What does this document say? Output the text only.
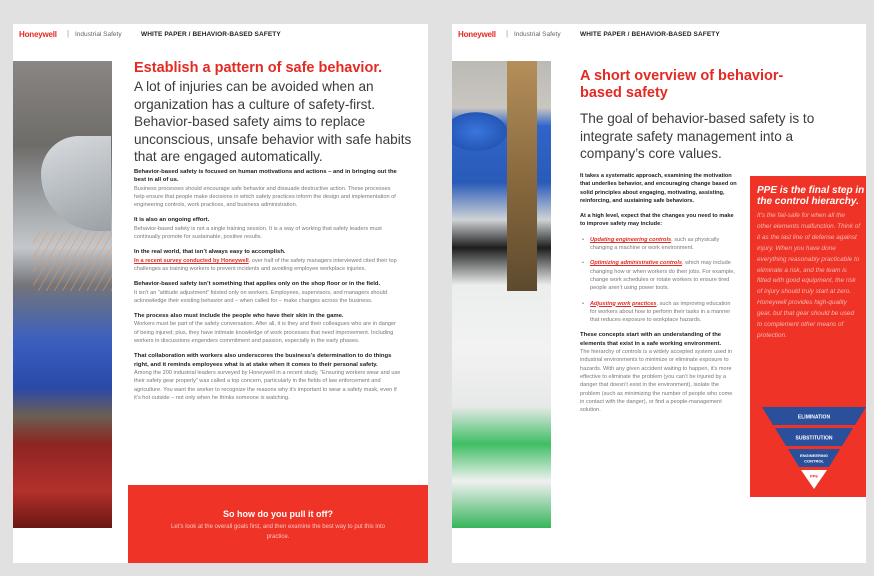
Honeywell | Industrial Safety	WHITE PAPER / BEHAVIOR-BASED SAFETY
Establish a pattern of safe behavior.
A lot of injuries can be avoided when an organization has a culture of safety-first. Behavior-based safety aims to replace unconscious, unsafe behavior with safe habits that are engaged automatically.
Behavior-based safety is focused on human motivations and actions – and in bringing out the best in all of us.
Business processes should encourage safe behavior and dissuade destructive action. These processes help ensure that people make decisions in which safety practices inform the design and implementation of engineering controls, work practices, and business administration.
It is also an ongoing effort.
Behavior-based safety is not a single training session. It is a way of working that safety leaders must continually promote for sustainable, positive results.
In the real world, that isn’t always easy to accomplish.
In a recent survey conducted by Honeywell, over half of the safety managers interviewed cited their top challenges as training workers to prevent incidents and avoiding employee workplace injuries.
Behavior-based safety isn’t something that applies only on the shop floor or in the field.
It isn’t an “attitude adjustment” foisted only on workers. Employees, supervisors, and managers should acknowledge their existing behavior and – when called for – make changes across the business.
The process also must include the people who have their skin in the game.
Workers must be part of the safety conversation. After all, it is they and their colleagues who are in danger of being injured; plus, they have intimate knowledge of work processes that need improvement. Including workers in discussions engenders commitment and passion, especially in the early phases.
That collaboration with workers also underscores the business’s determination to do things right, and it reminds employees what is at stake when it comes to their personal safety.
Among the 200 industrial leaders surveyed by Honeywell in a recent study, “Ensuring workers wear and use their safety gear properly” was called a top concern, particularly in the fields of law enforcement and agriculture. You want the worker to recognize the reasons why it’s important to wear a safety mask, even if it’s hot outside – not only when he thinks someone is watching.
So how do you pull it off?
Let’s look at the overall goals first, and then examine the best way to put this into practice.
Honeywell | Industrial Safety	WHITE PAPER / BEHAVIOR-BASED SAFETY
A short overview of behavior-based safety
The goal of behavior-based safety is to integrate safety management into a company’s core values.
It takes a systematic approach, examining the motivation that underlies behavior, and encouraging change based on solid principles about engaging, motivating, assisting, reinforcing, and sustaining safe behaviors.
At a high level, expect that the changes you need to make to improve safety may include:
• Updating engineering controls, such as physically changing a machine or work environment.
• Optimizing administrative controls, which may include changing how or when workers do their jobs. For example, change work schedules or rotate workers to ensure tired people aren’t using power tools.
• Adjusting work practices, such as improving education for workers about how to perform their tasks in a manner that reduces exposure to workplace hazards.
These concepts start with an understanding of the elements that exist in a safe working environment.
The hierarchy of controls is a widely accepted system used in industrial environments to minimize or eliminate exposure to hazards. With any given accident waiting to happen, it’s more effective to eliminate the problem (you can’t be injured by a danger that doesn’t exist in the environment), isolate the problem (such as minimizing the number of people who come in contact with the danger), or find a people-management solution.
PPE is the final step in the control hierarchy.
It’s the fail-safe for when all the other elements malfunction. Think of it as the last line of defense against injury. When you have done everything reasonably practicable to eliminate a risk, and the team is fitted with good equipment, the risk of injury should truly start at zero. Honeywell provides high-quality gear, but that gear should be used to complement other means of protection.
ELIMINATION
SUBSTITUTION
ENGINEERING
CONTROL
PPE
